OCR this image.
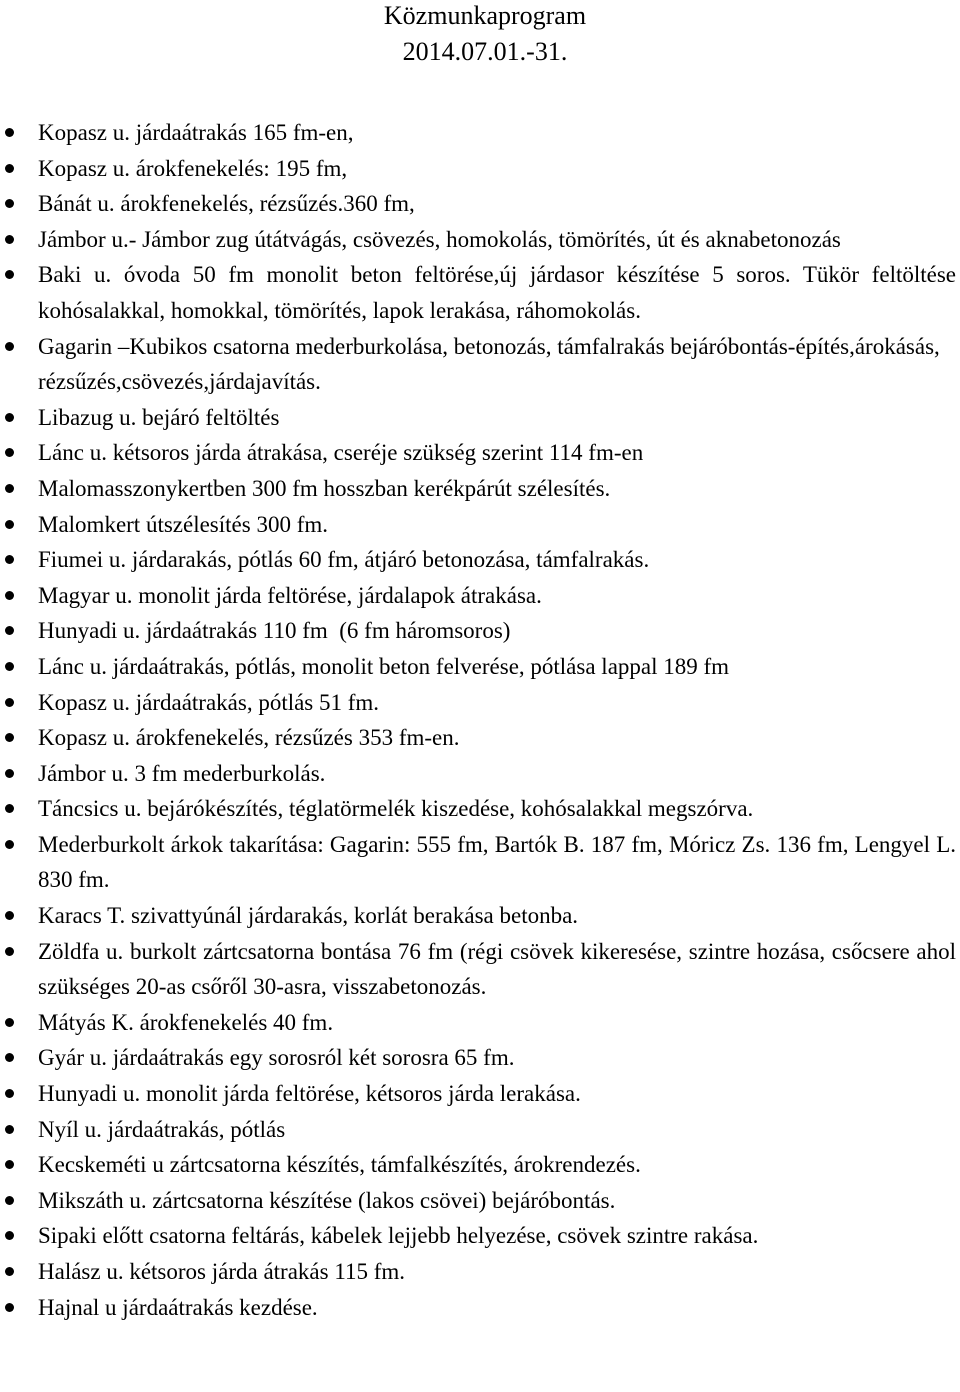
Közmunkaprogram
2014.07.01.-31.
Kopasz u. járdaátrakás 165 fm-en,
Kopasz u. árokfenekelés: 195 fm,
Bánát u. árokfenekelés, rézsűzés.360 fm,
Jámbor u.- Jámbor zug útátvágás, csövezés, homokolás, tömörítés, út és aknabetonozás
Baki u. óvoda 50 fm monolit beton feltörése,új járdasor készítése 5 soros. Tükör feltöltése kohósalakkal, homokkal, tömörítés, lapok lerakása, ráhomokolás.
Gagarin –Kubikos csatorna mederburkolása, betonozás, támfalrakás bejáróbontás-építés,árokásás, rézsűzés,csövezés,járdajavítás.
Libazug u. bejáró feltöltés
Lánc u. kétsoros járda átrakása, cseréje szükség szerint 114 fm-en
Malomasszonykertben 300 fm hosszban kerékpárút szélesítés.
Malomkert útszélesítés 300 fm.
Fiumei u. járdarakás, pótlás 60 fm, átjáró betonozása, támfalrakás.
Magyar u. monolit járda feltörése, járdalapok átrakása.
Hunyadi u. járdaátrakás 110 fm  (6 fm háromsoros)
Lánc u. járdaátrakás, pótlás, monolit beton felverése, pótlása lappal 189 fm
Kopasz u. járdaátrakás, pótlás 51 fm.
Kopasz u. árokfenekelés, rézsűzés 353 fm-en.
Jámbor u. 3 fm mederburkolás.
Táncsics u. bejárókészítés, téglatörmelék kiszedése, kohósalakkal megszórva.
Mederburkolt árkok takarítása: Gagarin: 555 fm, Bartók B. 187 fm, Móricz Zs. 136 fm, Lengyel L. 830 fm.
Karacs T. szivattyúnál járdarakás, korlát berakása betonba.
Zöldfa u. burkolt zártcsatorna bontása 76 fm (régi csövek kikeresése, szintre hozása, csőcsere ahol szükséges 20-as csőről 30-asra, visszabetonozás.
Mátyás K. árokfenekelés 40 fm.
Gyár u. járdaátrakás egy sorosról két sorosra 65 fm.
Hunyadi u. monolit járda feltörése, kétsoros járda lerakása.
Nyíl u. járdaátrakás, pótlás
Kecskeméti u zártcsatorna készítés, támfalkészítés, árokrendezés.
Mikszáth u. zártcsatorna készítése (lakos csövei) bejáróbontás.
Sipaki előtt csatorna feltárás, kábelek lejjebb helyezése, csövek szintre rakása.
Halász u. kétsoros járda átrakás 115 fm.
Hajnal u járdaátrakás kezdése.
